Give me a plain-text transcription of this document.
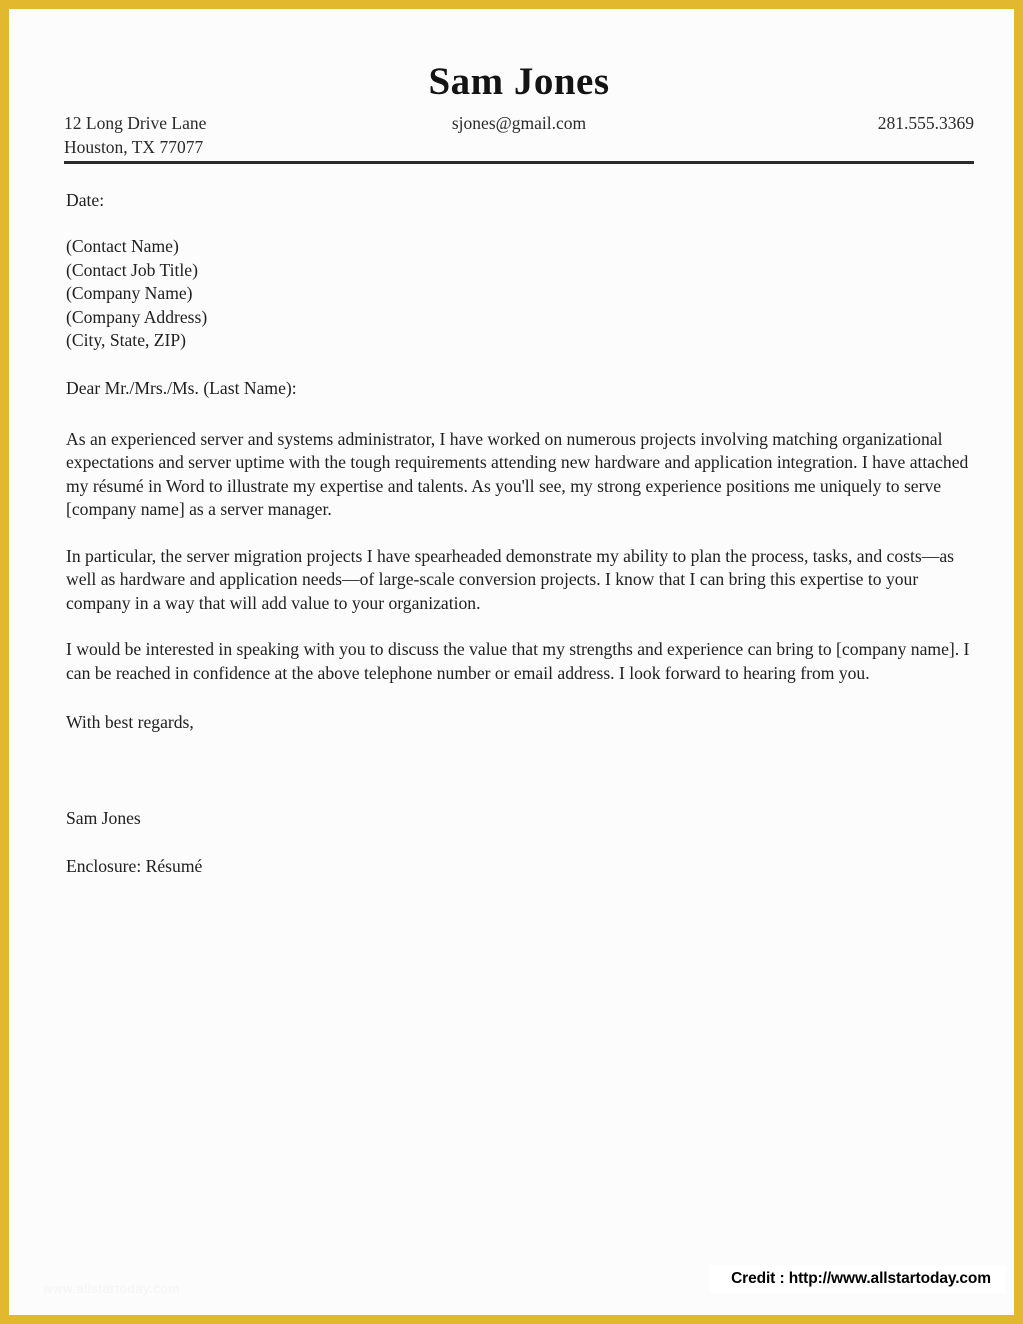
Sam Jones
12 Long Drive Lane
Houston, TX 77077
sjones@gmail.com	281.555.3369
Date:
(Contact Name)
(Contact Job Title)
(Company Name)
(Company Address)
(City, State, ZIP)
Dear Mr./Mrs./Ms. (Last Name):

As an experienced server and systems administrator, I have worked on numerous projects involving matching organizational expectations and server uptime with the tough requirements attending new hardware and application integration. I have attached my résumé in Word to illustrate my expertise and talents. As you'll see, my strong experience positions me uniquely to serve [company name] as a server manager.

In particular, the server migration projects I have spearheaded demonstrate my ability to plan the process, tasks, and costs—as well as hardware and application needs—of large-scale conversion projects. I know that I can bring this expertise to your company in a way that will add value to your organization.

I would be interested in speaking with you to discuss the value that my strengths and experience can bring to [company name]. I can be reached in confidence at the above telephone number or email address. I look forward to hearing from you.

With best regards,
Sam Jones
Enclosure: Résumé
www.allstartoday.com
Credit : http://www.allstartoday.com
